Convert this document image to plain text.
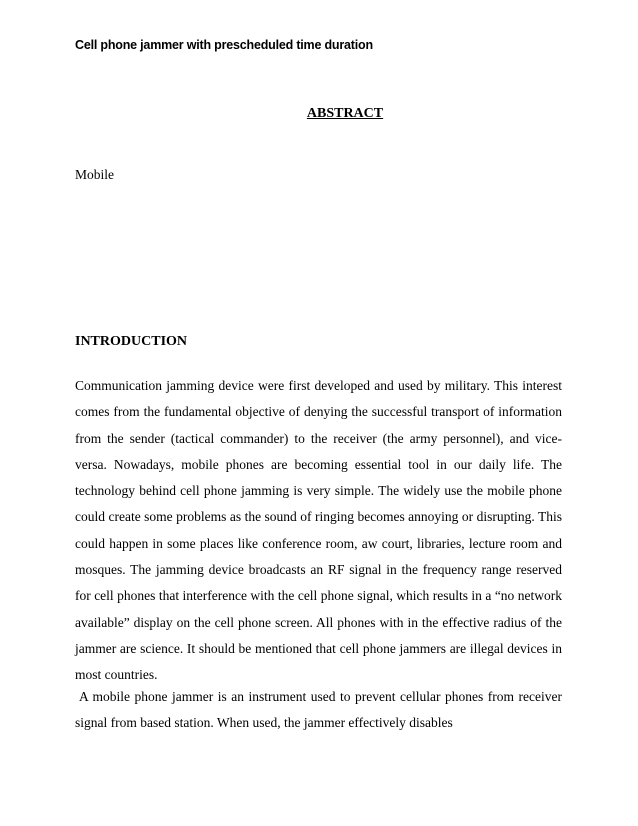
Cell phone jammer with prescheduled time duration
ABSTRACT
Mobile
INTRODUCTION

Communication jamming device were first developed and used by military. This interest comes from the fundamental objective of denying the successful transport of information from the sender (tactical commander) to the receiver (the army personnel), and vice-versa. Nowadays, mobile phones are becoming essential tool in our daily life. The technology behind cell phone jamming is very simple. The widely use the mobile phone could create some problems as the sound of ringing becomes annoying or disrupting. This could happen in some places like conference room, aw court, libraries, lecture room and mosques. The jamming device broadcasts an RF signal in the frequency range reserved for cell phones that interference with the cell phone signal, which results in a “no network available” display on the cell phone screen. All phones with in the effective radius of the jammer are science. It should be mentioned that cell phone jammers are illegal devices in most countries.

A mobile phone jammer is an instrument used to prevent cellular phones from receiver signal from based station. When used, the jammer effectively disables
